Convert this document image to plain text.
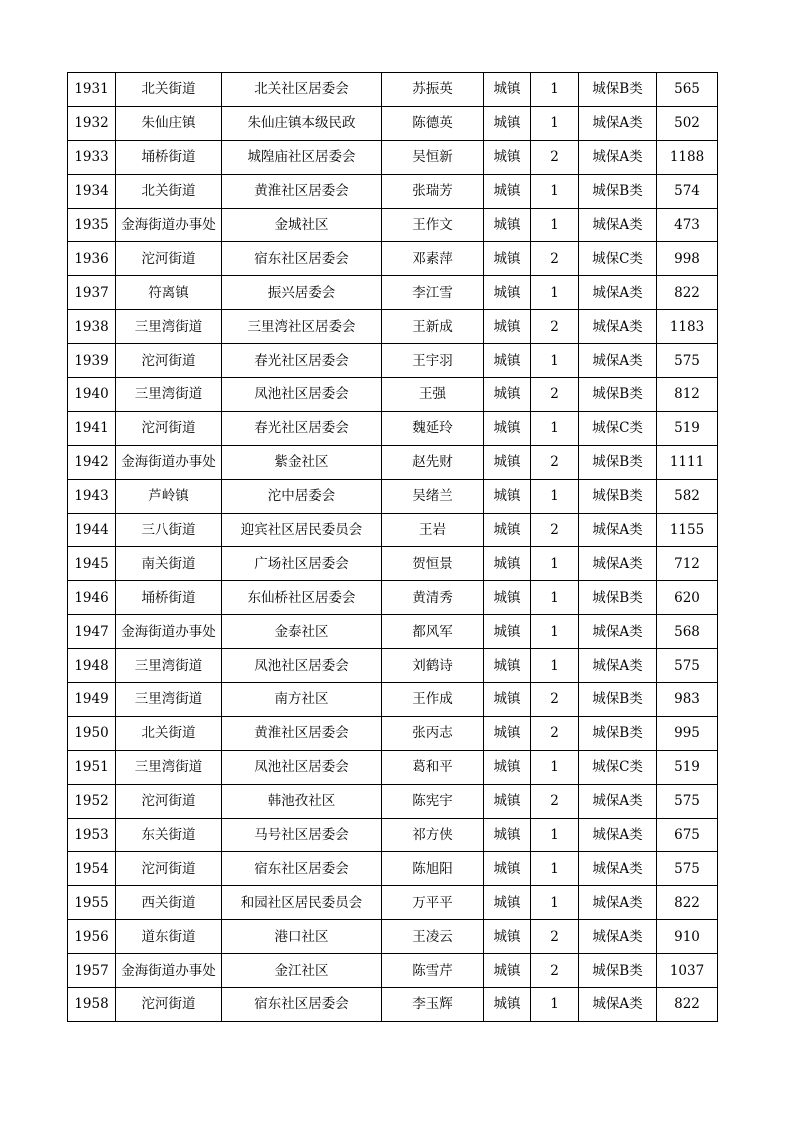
1931	北关街道	北关社区居委会	苏振英	城镇	1	城保B类	565
1932	朱仙庄镇	朱仙庄镇本级民政	陈德英	城镇	1	城保A类	502
1933	埇桥街道	城隍庙社区居委会	吴恒新	城镇	2	城保A类	1188
1934	北关街道	黄淮社区居委会	张瑞芳	城镇	1	城保B类	574
1935	金海街道办事处	金城社区	王作文	城镇	1	城保A类	473
1936	沱河街道	宿东社区居委会	邓素萍	城镇	2	城保C类	998
1937	符离镇	振兴居委会	李江雪	城镇	1	城保A类	822
1938	三里湾街道	三里湾社区居委会	王新成	城镇	2	城保A类	1183
1939	沱河街道	春光社区居委会	王宇羽	城镇	1	城保A类	575
1940	三里湾街道	凤池社区居委会	王强	城镇	2	城保B类	812
1941	沱河街道	春光社区居委会	魏延玲	城镇	1	城保C类	519
1942	金海街道办事处	紫金社区	赵先财	城镇	2	城保B类	1111
1943	芦岭镇	沱中居委会	吴绪兰	城镇	1	城保B类	582
1944	三八街道	迎宾社区居民委员会	王岩	城镇	2	城保A类	1155
1945	南关街道	广场社区居委会	贺恒景	城镇	1	城保A类	712
1946	埇桥街道	东仙桥社区居委会	黄清秀	城镇	1	城保B类	620
1947	金海街道办事处	金泰社区	都风军	城镇	1	城保A类	568
1948	三里湾街道	凤池社区居委会	刘鹤诗	城镇	1	城保A类	575
1949	三里湾街道	南方社区	王作成	城镇	2	城保B类	983
1950	北关街道	黄淮社区居委会	张丙志	城镇	2	城保B类	995
1951	三里湾街道	凤池社区居委会	葛和平	城镇	1	城保C类	519
1952	沱河街道	韩池孜社区	陈宪宇	城镇	2	城保A类	575
1953	东关街道	马号社区居委会	祁方侠	城镇	1	城保A类	675
1954	沱河街道	宿东社区居委会	陈旭阳	城镇	1	城保A类	575
1955	西关街道	和园社区居民委员会	万平平	城镇	1	城保A类	822
1956	道东街道	港口社区	王凌云	城镇	2	城保A类	910
1957	金海街道办事处	金江社区	陈雪芹	城镇	2	城保B类	1037
1958	沱河街道	宿东社区居委会	李玉辉	城镇	1	城保A类	822
